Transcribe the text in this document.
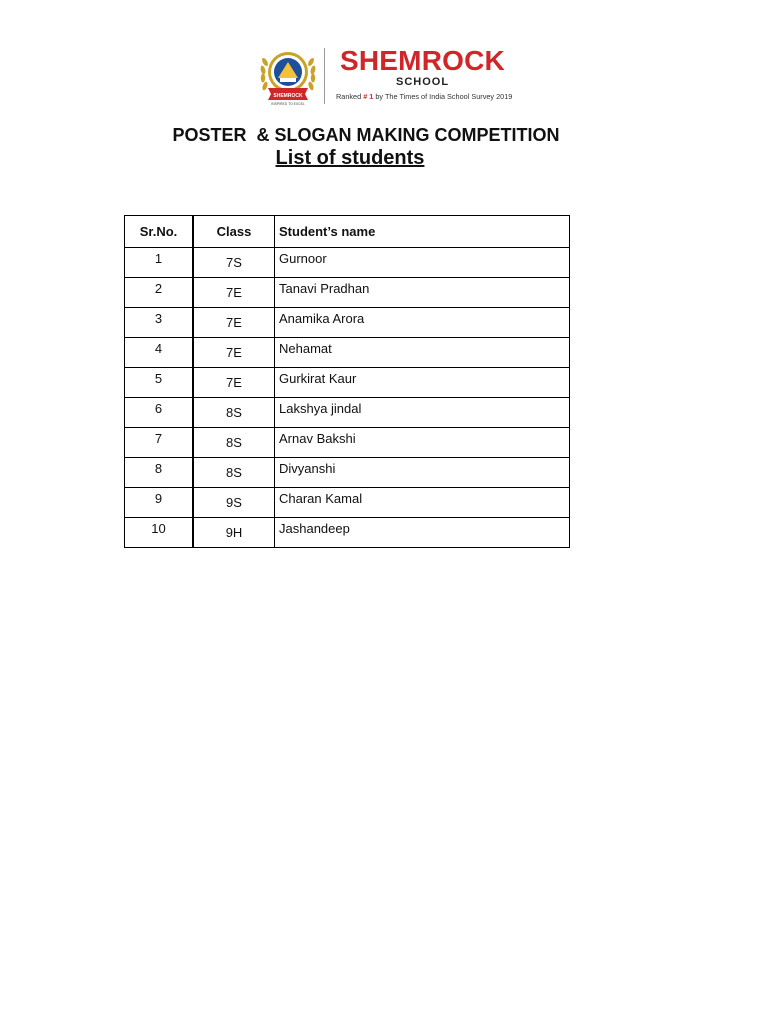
SHEMROCK
INSPIRED TO EXCEL
SHEMROCK
SCHOOL
Ranked # 1 by The Times of India School Survey 2019
POSTER  & SLOGAN MAKING COMPETITION
List of students
Sr.No.	Class	Student’s name

1	7S	Gurnoor

2	7E	Tanavi Pradhan

3	7E	Anamika Arora

4	7E	Nehamat

5	7E	Gurkirat Kaur

6	8S	Lakshya jindal

7	8S	Arnav Bakshi

8	8S	Divyanshi

9	9S	Charan Kamal

10	9H	Jashandeep
